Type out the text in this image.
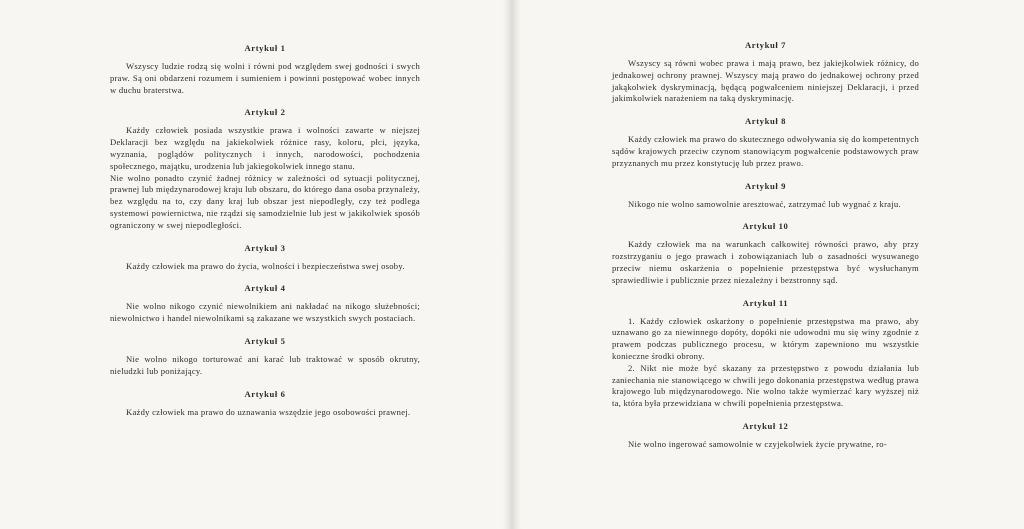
Artykuł 1

Wszyscy ludzie rodzą się wolni i równi pod względem swej godności i swych praw. Są oni obdarzeni rozumem i sumieniem i powinni postępować wobec innych w duchu braterstwa.

Artykuł 2

Każdy człowiek posiada wszystkie prawa i wolności zawarte w niejszej Deklaracji bez względu na jakiekolwiek różnice rasy, koloru, płci, języka, wyznania, poglądów politycznych i innych, narodowości, pochodzenia społecznego, majątku, urodzenia lub jakiegokolwiek innego stanu.

Nie wolno ponadto czynić żadnej różnicy w zależności od sytuacji politycznej, prawnej lub międzynarodowej kraju lub obszaru, do którego dana osoba przynależy, bez względu na to, czy dany kraj lub obszar jest niepodległy, czy też podlega systemowi powiernictwa, nie rządzi się samodzielnie lub jest w jakikolwiek sposób ograniczony w swej niepodległości.

Artykuł 3

Każdy człowiek ma prawo do życia, wolności i bezpieczeństwa swej osoby.

Artykuł 4

Nie wolno nikogo czynić niewolnikiem ani nakładać na nikogo służebności; niewolnictwo i handel niewolnikami są zakazane we wszystkich swych postaciach.

Artykuł 5

Nie wolno nikogo torturować ani karać lub traktować w sposób okrutny, nieludzki lub poniżający.

Artykuł 6

Każdy człowiek ma prawo do uznawania wszędzie jego osobowości prawnej.

Artykuł 7

Wszyscy są równi wobec prawa i mają prawo, bez jakiejkolwiek różnicy, do jednakowej ochrony prawnej. Wszyscy mają prawo do jednakowej ochrony przed jakąkolwiek dyskryminacją, będącą pogwałceniem niniejszej Deklaracji, i przed jakimkolwiek narażeniem na taką dyskryminację.

Artykuł 8

Każdy człowiek ma prawo do skutecznego odwoływania się do kompetentnych sądów krajowych przeciw czynom stanowiącym pogwałcenie podstawowych praw przyznanych mu przez konstytucję lub przez prawo.

Artykuł 9

Nikogo nie wolno samowolnie aresztować, zatrzymać lub wygnać z kraju.

Artykuł 10

Każdy człowiek ma na warunkach całkowitej równości prawo, aby przy rozstrzyganiu o jego prawach i zobowiązaniach lub o zasadności wysuwanego przeciw niemu oskarżenia o popełnienie przestępstwa być wysłuchanym sprawiedliwie i publicznie przez niezależny i bezstronny sąd.

Artykuł 11

1. Każdy człowiek oskarżony o popełnienie przestępstwa ma prawo, aby uznawano go za niewinnego dopóty, dopóki nie udowodni mu się winy zgodnie z prawem podczas publicznego procesu, w którym zapewniono mu wszystkie konieczne środki obrony.

2. Nikt nie może być skazany za przestępstwo z powodu działania lub zaniechania nie stanowiącego w chwili jego dokonania przestępstwa według prawa krajowego lub międzynarodowego. Nie wolno także wymierzać kary wyższej niż ta, która była przewidziana w chwili popełnienia przestępstwa.

Artykuł 12

Nie wolno ingerować samowolnie w czyjekolwiek życie prywatne, ro-
